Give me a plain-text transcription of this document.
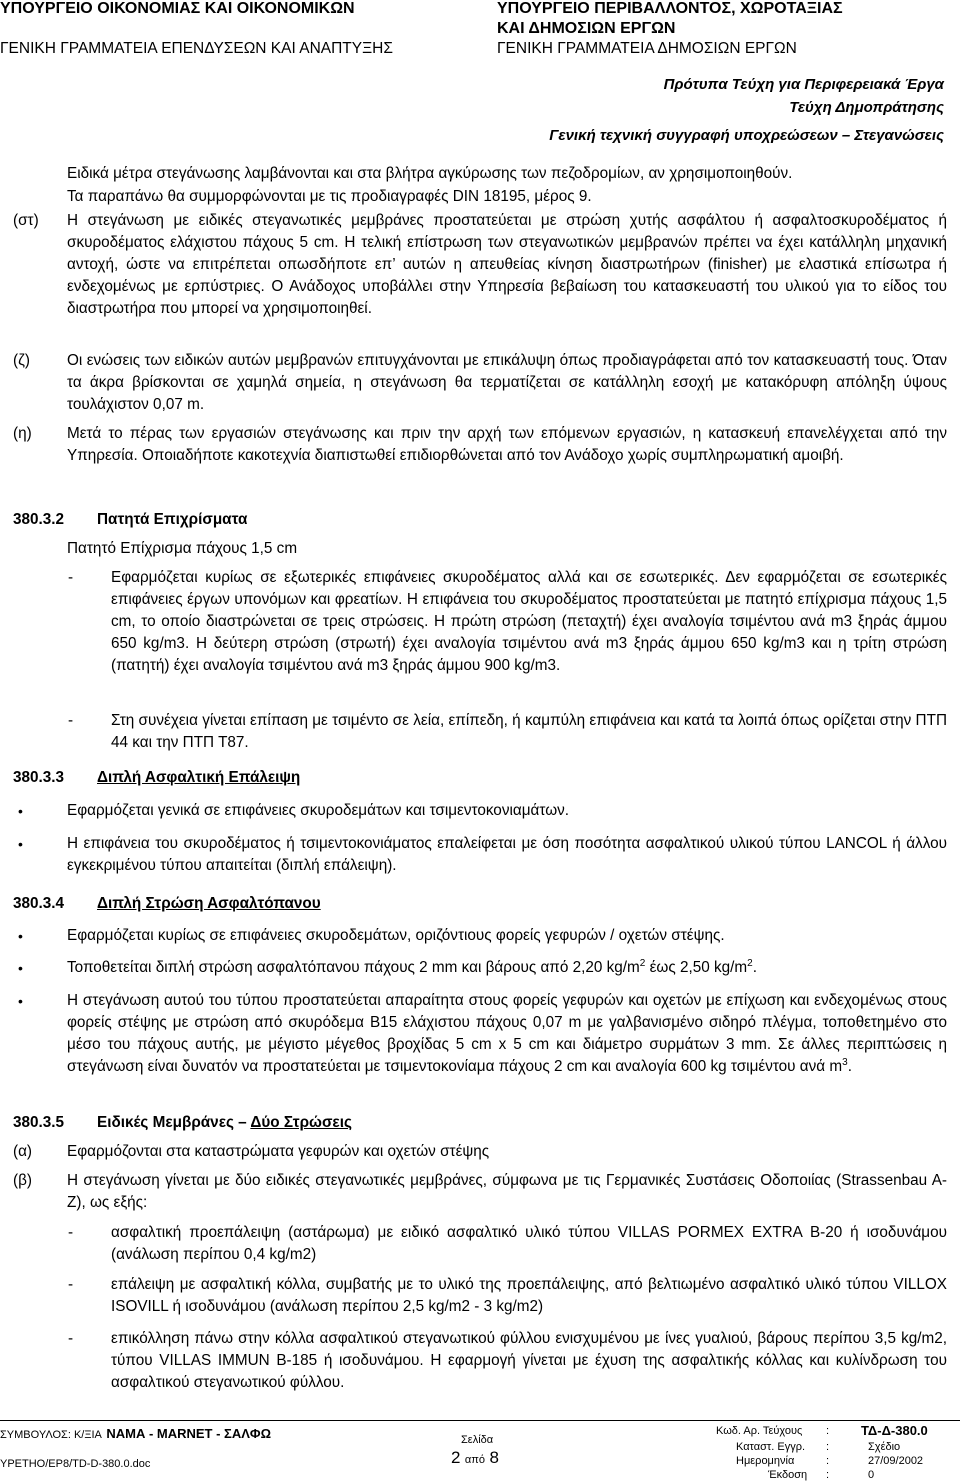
ΥΠΟΥΡΓΕΙΟ ΟΙΚΟΝΟΜΙΑΣ ΚΑΙ ΟΙΚΟΝΟΜΙΚΩΝ
ΓΕΝΙΚΗ ΓΡΑΜΜΑΤΕΙΑ ΕΠΕΝΔΥΣΕΩΝ ΚΑΙ ΑΝΑΠΤΥΞΗΣ
ΥΠΟΥΡΓΕΙΟ ΠΕΡΙΒΑΛΛΟΝΤΟΣ, ΧΩΡΟΤΑΞΙΑΣ
ΚΑΙ ΔΗΜΟΣΙΩΝ ΕΡΓΩΝ
ΓΕΝΙΚΗ ΓΡΑΜΜΑΤΕΙΑ ΔΗΜΟΣΙΩΝ ΕΡΓΩΝ
Πρότυπα Τεύχη για Περιφερειακά Έργα
Τεύχη Δημοπράτησης
Γενική τεχνική συγγραφή υποχρεώσεων – Στεγανώσεις
Ειδικά μέτρα στεγάνωσης λαμβάνονται και στα βλήτρα αγκύρωσης των πεζοδρομίων, αν χρησιμοποιηθούν.
Τα παραπάνω θα συμμορφώνονται με τις προδιαγραφές DIN 18195, μέρος 9.
(στ) Η στεγάνωση με ειδικές στεγανωτικές μεμβράνες προστατεύεται με στρώση χυτής ασφάλτου ή ασφαλτοσκυροδέματος ή σκυροδέματος ελάχιστου πάχους 5 cm. Η τελική επίστρωση των στεγανωτικών μεμβρανών πρέπει να έχει κατάλληλη μηχανική αντοχή, ώστε να επιτρέπεται οπωσδήποτε επ’ αυτών η απευθείας κίνηση διαστρωτήρων (finisher) με ελαστικά επίσωτρα ή ενδεχομένως με ερπύστριες. Ο Ανάδοχος υποβάλλει στην Υπηρεσία βεβαίωση του κατασκευαστή του υλικού για το είδος του διαστρωτήρα που μπορεί να χρησιμοποιηθεί.
(ζ) Οι ενώσεις των ειδικών αυτών μεμβρανών επιτυγχάνονται με επικάλυψη όπως προδιαγράφεται από τον κατασκευαστή τους. Όταν τα άκρα βρίσκονται σε χαμηλά σημεία, η στεγάνωση θα τερματίζεται σε κατάλληλη εσοχή με κατακόρυφη απόληξη ύψους τουλάχιστον 0,07 m.
(η) Μετά το πέρας των εργασιών στεγάνωσης και πριν την αρχή των επόμενων εργασιών, η κατασκευή επανελέγχεται από την Υπηρεσία. Οποιαδήποτε κακοτεχνία διαπιστωθεί επιδιορθώνεται από τον Ανάδοχο χωρίς συμπληρωματική αμοιβή.
380.3.2 Πατητά Επιχρίσματα
Πατητό Επίχρισμα πάχους 1,5 cm
- Εφαρμόζεται κυρίως σε εξωτερικές επιφάνειες σκυροδέματος αλλά και σε εσωτερικές. Δεν εφαρμόζεται σε εσωτερικές επιφάνειες έργων υπονόμων και φρεατίων. Η επιφάνεια του σκυροδέματος προστατεύεται με πατητό επίχρισμα πάχους 1,5 cm, το οποίο διαστρώνεται σε τρεις στρώσεις. Η πρώτη στρώση (πεταχτή) έχει αναλογία τσιμέντου ανά m3 ξηράς άμμου 650 kg/m3. Η δεύτερη στρώση (στρωτή) έχει αναλογία τσιμέντου ανά m3 ξηράς άμμου 650 kg/m3 και η τρίτη στρώση (πατητή) έχει αναλογία τσιμέντου ανά m3 ξηράς άμμου 900 kg/m3.
- Στη συνέχεια γίνεται επίπαση με τσιμέντο σε λεία, επίπεδη, ή καμπύλη επιφάνεια και κατά τα λοιπά όπως ορίζεται στην ΠΤΠ 44 και την ΠΤΠ Τ87.
380.3.3 Διπλή Ασφαλτική Επάλειψη
•	Εφαρμόζεται γενικά σε επιφάνειες σκυροδεμάτων και τσιμεντοκονιαμάτων.
•	Η επιφάνεια του σκυροδέματος ή τσιμεντοκονιάματος επαλείφεται με όση ποσότητα ασφαλτικού υλικού τύπου LANCOL ή άλλου εγκεκριμένου τύπου απαιτείται (διπλή επάλειψη).
380.3.4 Διπλή Στρώση Ασφαλτόπανου
•	Εφαρμόζεται κυρίως σε επιφάνειες σκυροδεμάτων, οριζόντιους φορείς γεφυρών / οχετών στέψης.
•	Τοποθετείται διπλή στρώση ασφαλτόπανου πάχους 2 mm και βάρους από 2,20 $kg/m^2$ έως 2,50 $kg/m^2$.
•	Η στεγάνωση αυτού του τύπου προστατεύεται απαραίτητα στους φορείς γεφυρών και οχετών με επίχωση και ενδεχομένως στους φορείς στέψης με στρώση από σκυρόδεμα Β15 ελάχιστου πάχους 0,07 m με γαλβανισμένο σιδηρό πλέγμα, τοποθετημένο στο μέσο του πάχους αυτής, με μέγιστο μέγεθος βροχίδας 5 cm x 5 cm και διάμετρο συρμάτων 3 mm. Σε άλλες περιπτώσεις η στεγάνωση είναι δυνατόν να προστατεύεται με τσιμεντοκονίαμα πάχους 2 cm και αναλογία 600 kg τσιμέντου ανά $m^3$.
380.3.5 Ειδικές Μεμβράνες – Δύο Στρώσεις
(α) Εφαρμόζονται στα καταστρώματα γεφυρών και οχετών στέψης
(β) Η στεγάνωση γίνεται με δύο ειδικές στεγανωτικές μεμβράνες, σύμφωνα με τις Γερμανικές Συστάσεις Οδοποιίας (Strassenbau A-Z), ως εξής:
- ασφαλτική προεπάλειψη (αστάρωμα) με ειδικό ασφαλτικό υλικό τύπου VILLAS PORMEX EXTRA B-20 ή ισοδυνάμου (ανάλωση περίπου 0,4 kg/m2)
- επάλειψη με ασφαλτική κόλλα, συμβατής με το υλικό της προεπάλειψης, από βελτιωμένο ασφαλτικό υλικό τύπου VILLOX ISOVILL ή ισοδυνάμου (ανάλωση περίπου 2,5 kg/m2 - 3 kg/m2)
- επικόλληση πάνω στην κόλλα ασφαλτικού στεγανωτικού φύλλου ενισχυμένου με ίνες γυαλιού, βάρους περίπου 3,5 kg/m2, τύπου VILLAS IMMUN B-185 ή ισοδυνάμου. Η εφαρμογή γίνεται με έχυση της ασφαλτικής κόλλας και κυλίνδρωση του ασφαλτικού στεγανωτικού φύλλου.
ΣΥΜΒΟΥΛΟΣ: Κ/ΞΙΑ ΝΑΜΑ - MARNET - ΣΑΛΦΩ
ΥΡΕΤΗΟ/ΕΡ8/ΤD-D-380.0.doc
Σελίδα
2 από 8
Κωδ. Αρ. Τεύχους : ΤΔ-Δ-380.0
Καταστ. Εγγρ. :	Σχέδιο
Ημερομηνία	:	27/09/2002
Έκδοση :	0
